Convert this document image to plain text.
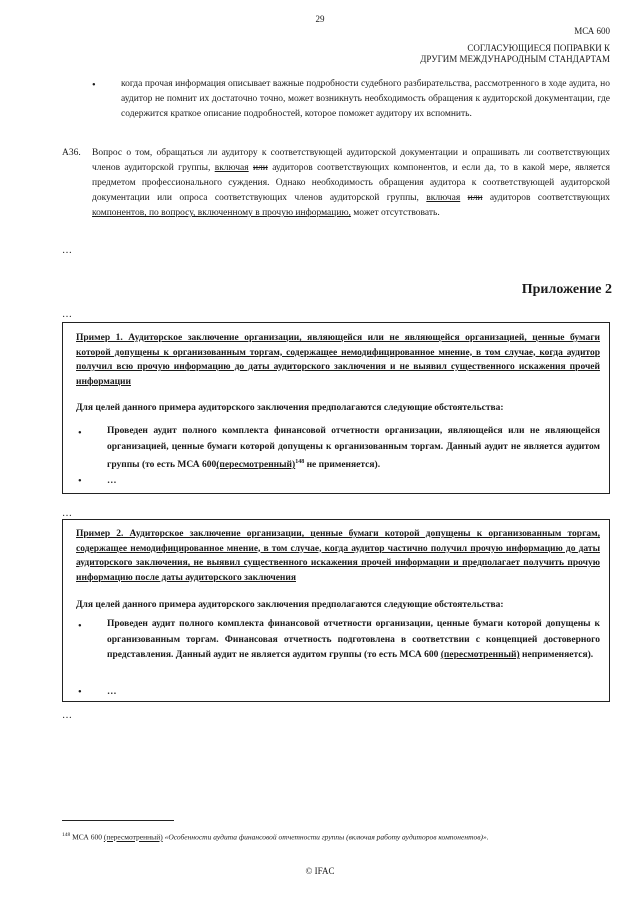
29
МСА 600
СОГЛАСУЮЩИЕСЯ ПОПРАВКИ К
ДРУГИМ МЕЖДУНАРОДНЫМ СТАНДАРТАМ
•	когда прочая информация описывает важные подробности судебного разбирательства, рассмотренного в ходе аудита, но аудитор не помнит их достаточно точно, может возникнуть необходимость обращения к аудиторской документации, где содержится краткое описание подробностей, которое поможет аудитору их вспомнить.
A36. Вопрос о том, обращаться ли аудитору к соответствующей аудиторской документации и опрашивать ли соответствующих членов аудиторской группы, включая или аудиторов соответствующих компонентов, и если да, то в какой мере, является предметом профессионального суждения. Однако необходимость обращения аудитора к соответствующей аудиторской документации или опроса соответствующих членов аудиторской группы, включая или аудиторов соответствующих компонентов, по вопросу, включенному в прочую информацию, может отсутствовать.
…
Приложение 2
…
Пример 1. Аудиторское заключение организации, являющейся или не являющейся организацией, ценные бумаги которой допущены к организованным торгам, содержащее немодифицированное мнение, в том случае, когда аудитор получил всю прочую информацию до даты аудиторского заключения и не выявил существенного искажения прочей информации
Для целей данного примера аудиторского заключения предполагаются следующие обстоятельства:
•	Проведен аудит полного комплекта финансовой отчетности организации, являющейся или не являющейся организацией, ценные бумаги которой допущены к организованным торгам. Данный аудит не является аудитом группы (то есть МСА 600(пересмотренный)$^{148}$ не применяется).
•	…
…
Пример 2. Аудиторское заключение организации, ценные бумаги которой допущены к организованным торгам, содержащее немодифицированное мнение, в том случае, когда аудитор частично получил прочую информацию до даты аудиторского заключения, не выявил существенного искажения прочей информации и предполагает получить прочую информацию после даты аудиторского заключения
Для целей данного примера аудиторского заключения предполагаются следующие обстоятельства:
•	Проведен аудит полного комплекта финансовой отчетности организации, ценные бумаги которой допущены к организованным торгам. Финансовая отчетность подготовлена в соответствии с концепцией достоверного представления. Данный аудит не является аудитом группы (то есть МСА 600 (пересмотренный) неприменяется).
•	…
…
$^{148}$ МСА 600 (пересмотренный) «Особенности аудита финансовой отчетности группы (включая работу аудиторов компонентов)».
© IFAC
